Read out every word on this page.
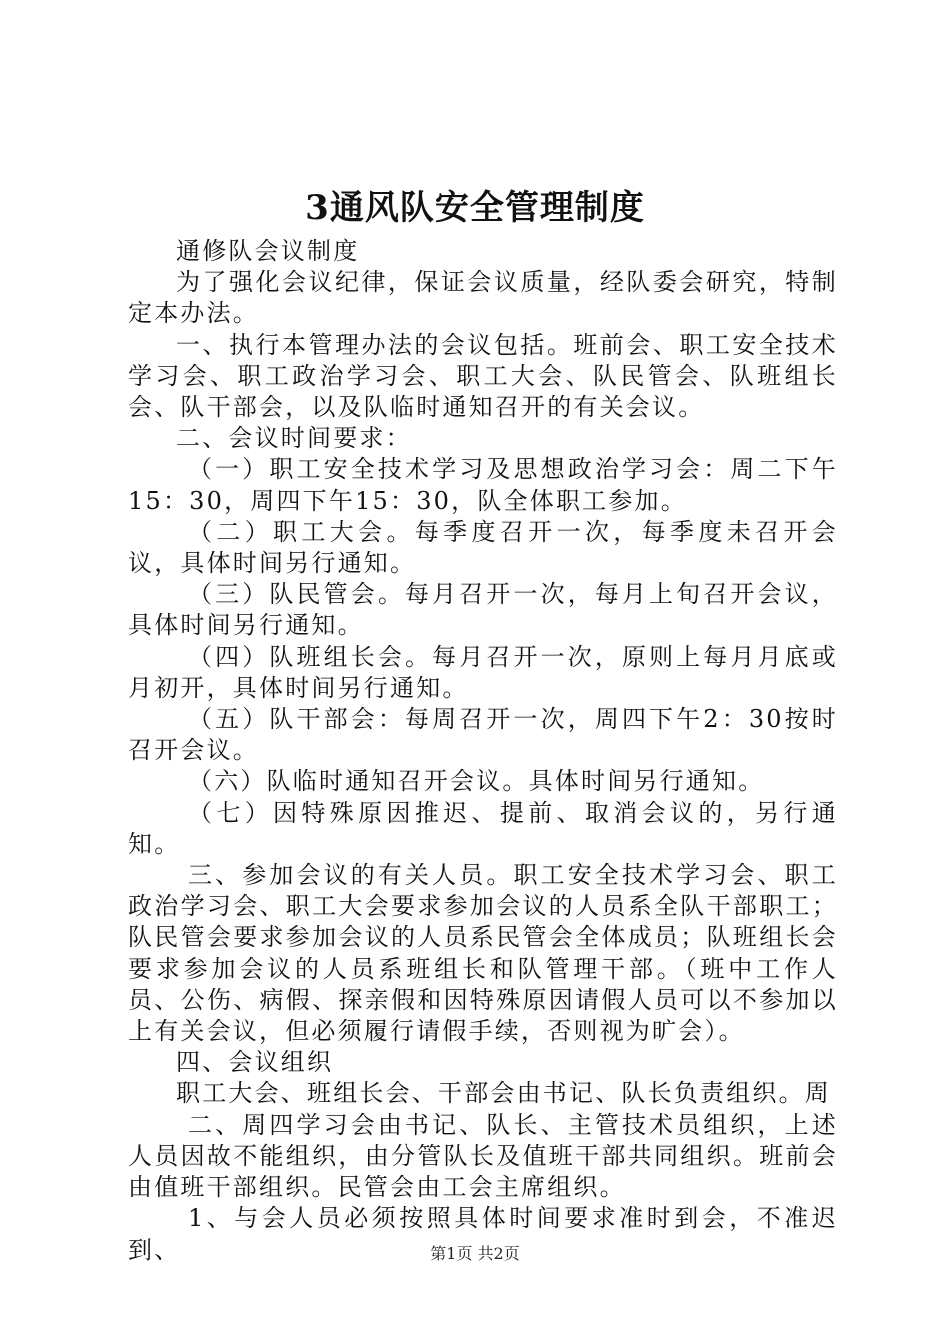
3通风队安全管理制度

通修队会议制度

为了强化会议纪律，保证会议质量，经队委会研究，特制定本办法。

一、执行本管理办法的会议包括。班前会、职工安全技术学习会、职工政治学习会、职工大会、队民管会、队班组长会、队干部会，以及队临时通知召开的有关会议。

二、会议时间要求：

（一）职工安全技术学习及思想政治学习会：周二下午15：30，周四下午15：30，队全体职工参加。

（二）职工大会。每季度召开一次，每季度未召开会议，具体时间另行通知。

（三）队民管会。每月召开一次，每月上旬召开会议，具体时间另行通知。

（四）队班组长会。每月召开一次，原则上每月月底或月初开，具体时间另行通知。

（五）队干部会：每周召开一次，周四下午2：30按时召开会议。

（六）队临时通知召开会议。具体时间另行通知。

（七）因特殊原因推迟、提前、取消会议的，另行通知。

三、参加会议的有关人员。职工安全技术学习会、职工政治学习会、职工大会要求参加会议的人员系全队干部职工；队民管会要求参加会议的人员系民管会全体成员；队班组长会要求参加会议的人员系班组长和队管理干部。（班中工作人员、公伤、病假、探亲假和因特殊原因请假人员可以不参加以上有关会议，但必须履行请假手续，否则视为旷会）。

四、会议组织

职工大会、班组长会、干部会由书记、队长负责组织。周

二、周四学习会由书记、队长、主管技术员组织，上述人员因故不能组织，由分管队长及值班干部共同组织。班前会由值班干部组织。民管会由工会主席组织。

1、与会人员必须按照具体时间要求准时到会，不准迟到、	第1页 共2页
